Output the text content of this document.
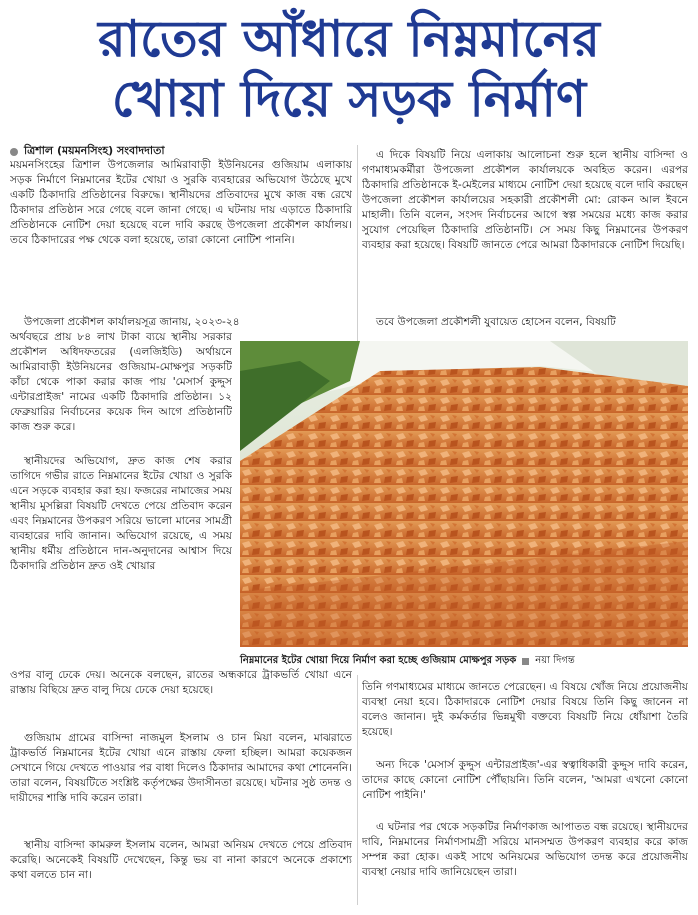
রাতের আঁধারে নিম্নমানের
খোয়া দিয়ে সড়ক নির্মাণ
ত্রিশাল (ময়মনসিংহ) সংবাদদাতা

ময়মনসিংহের ত্রিশাল উপজেলার আমিরাবাড়ী ইউনিয়নের গুজিয়াম এলাকায় সড়ক নির্মাণে নিম্নমানের ইটের খোয়া ও সুরকি ব্যবহারের অভিযোগ উঠেছে মুখে একটি ঠিকাদারি প্রতিষ্ঠানের বিরুদ্ধে। স্থানীয়দের প্রতিবাদের মুখে কাজ বন্ধ রেখে ঠিকাদার প্রতিষ্ঠান সরে গেছে বলে জানা গেছে। এ ঘটনায় দায় এড়াতে ঠিকাদারি প্রতিষ্ঠানকে নোটিশ দেয়া হয়েছে বলে দাবি করছে উপজেলা প্রকৌশল কার্যালয়। তবে ঠিকাদারের পক্ষ থেকে বলা হয়েছে, তারা কোনো নোটিশ পাননি।

উপজেলা প্রকৌশল কার্যালয়সূত্র জানায়, ২০২৩-২৪

অর্থবছরে প্রায় ৮৪ লাখ টাকা ব্যয়ে স্থানীয় সরকার প্রকৌশল অধিদফতরের (এলজিইডি) অর্থায়নে আমিরাবাড়ী ইউনিয়নের গুজিয়াম-মোক্ষপুর সড়কটি কাঁচা থেকে পাকা করার কাজ পায় 'মেসার্স কুদ্দুস এন্টারপ্রাইজ' নামের একটি ঠিকাদারি প্রতিষ্ঠান। ১২ ফেব্রুয়ারির নির্বাচনের কয়েক দিন আগে প্রতিষ্ঠানটি কাজ শুরু করে।

স্থানীয়দের অভিযোগ, দ্রুত কাজ শেষ করার তাগিদে গভীর রাতে নিম্নমানের ইটের খোয়া ও সুরকি এনে সড়কে ব্যবহার করা হয়। ফজরের নামাজের সময় স্থানীয় মুসল্লিরা বিষয়টি দেখতে পেয়ে প্রতিবাদ করেন এবং নিম্নমানের উপকরণ সরিয়ে ভালো মানের সামগ্রী ব্যবহারের দাবি জানান। অভিযোগ রয়েছে, এ সময় স্থানীয় ধর্মীয় প্রতিষ্ঠানে দান-অনুদানের আশ্বাস দিয়ে ঠিকাদারি প্রতিষ্ঠান দ্রুত ওই খোয়ার

ওপর বালু ঢেকে দেয়। অনেকে বলছেন, রাতের অন্ধকারে ট্রাকভর্তি খোয়া এনে রাস্তায় বিছিয়ে দ্রুত বালু দিয়ে ঢেকে দেয়া হয়েছে।

গুজিয়াম গ্রামের বাসিন্দা নাজমুল ইসলাম ও চান মিয়া বলেন, মাঝরাতে ট্রাকভর্তি নিম্নমানের ইটের খোয়া এনে রাস্তায় ফেলা হচ্ছিল। আমরা কয়েকজন সেখানে গিয়ে দেখতে পাওয়ার পর বাধা দিলেও ঠিকাদার আমাদের কথা শোনেননি। তারা বলেন, বিষয়টিতে সংশ্লিষ্ট কর্তৃপক্ষের উদাসীনতা রয়েছে। ঘটনার সুষ্ঠ তদন্ত ও দায়ীদের শাস্তি দাবি করেন তারা।

স্থানীয় বাসিন্দা কামরুল ইসলাম বলেন, আমরা অনিয়ম দেখতে পেয়ে প্রতিবাদ করেছি। অনেকেই বিষয়টি দেখেছেন, কিন্তু ভয় বা নানা কারণে অনেকে প্রকাশ্যে কথা বলতে চান না।

এ দিকে বিষয়টি নিয়ে এলাকায় আলোচনা শুরু হলে স্থানীয় বাসিন্দা ও গণমাধ্যমকর্মীরা উপজেলা প্রকৌশল কার্যালয়কে অবহিত করেন। এরপর ঠিকাদারি প্রতিষ্ঠানকে ই-মেইলের মাধ্যমে নোটিশ দেয়া হয়েছে বলে দাবি করছেন উপজেলা প্রকৌশল কার্যালয়ের সহকারী প্রকৌশলী মো: রোকন আল ইবনে মাহালী। তিনি বলেন, সংসদ নির্বাচনের আগে স্বল্প সময়ের মধ্যে কাজ করার সুযোগ পেয়েছিল ঠিকাদারি প্রতিষ্ঠানটি। সে সময় কিছু নিম্নমানের উপকরণ ব্যবহার করা হয়েছে। বিষয়টি জানতে পেরে আমরা ঠিকাদারকে নোটিশ দিয়েছি।

তবে উপজেলা প্রকৌশলী যুবায়েত হোসেন বলেন, বিষয়টি

নিম্নমানের ইটের খোয়া দিয়ে নির্মাণ করা হচ্ছে গুজিয়াম মোক্ষপুর সড়ক নয়া দিগন্ত

তিনি গণমাধ্যমের মাধ্যমে জানতে পেরেছেন। এ বিষয়ে খোঁজ নিয়ে প্রয়োজনীয় ব্যবস্থা নেয়া হবে। ঠিকাদারকে নোটিশ দেয়ার বিষয়ে তিনি কিছু জানেন না বলেও জানান। দুই কর্মকর্তার ভিন্নমুখী বক্তব্যে বিষয়টি নিয়ে ধোঁয়াশা তৈরি হয়েছে।

অন্য দিকে 'মেসার্স কুদ্দুস এন্টারপ্রাইজ'-এর স্বত্বাধিকারী কুদ্দুস দাবি করেন, তাদের কাছে কোনো নোটিশ পৌঁছায়নি। তিনি বলেন, 'আমরা এখনো কোনো নোটিশ পাইনি।'

এ ঘটনার পর থেকে সড়কটির নির্মাণকাজ আপাতত বন্ধ রয়েছে। স্থানীয়দের দাবি, নিম্নমানের নির্মাণসামগ্রী সরিয়ে মানসম্মত উপকরণ ব্যবহার করে কাজ সম্পন্ন করা হোক। একই সাথে অনিয়মের অভিযোগ তদন্ত করে প্রয়োজনীয় ব্যবস্থা নেয়ার দাবি জানিয়েছেন তারা।
